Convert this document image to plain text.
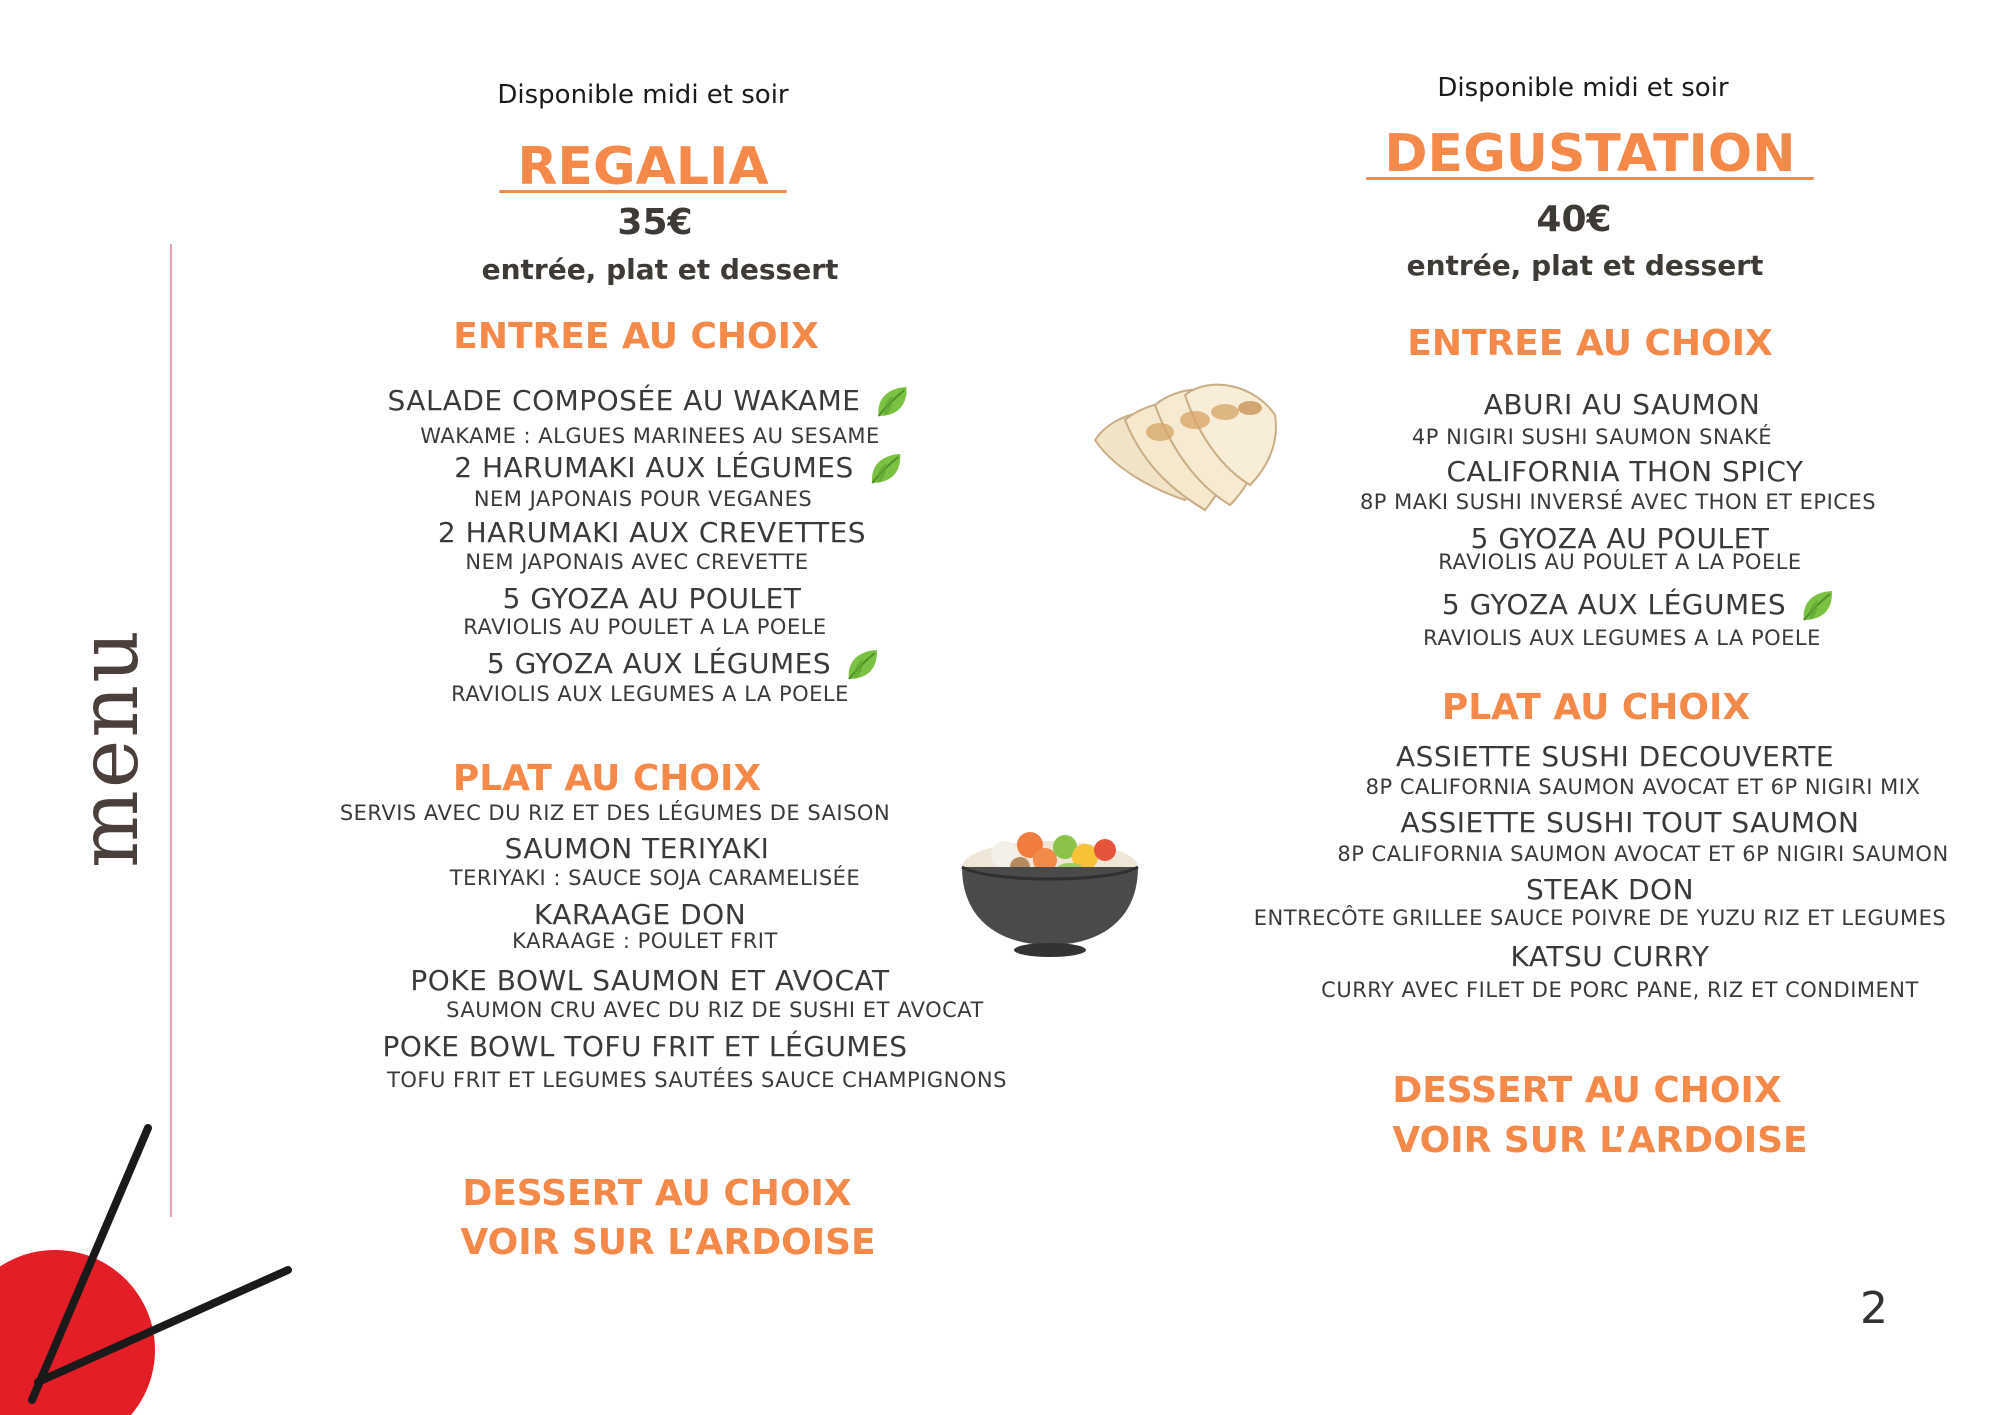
menu
Disponible midi et soir
REGALIA
35€
entrée, plat et dessert
ENTREE AU CHOIX
SALADE COMPOSÉE AU WAKAME
WAKAME : ALGUES MARINEES AU SESAME
2 HARUMAKI AUX LÉGUMES
NEM JAPONAIS POUR VEGANES
2 HARUMAKI AUX CREVETTES
NEM JAPONAIS AVEC CREVETTE
5 GYOZA AU POULET
RAVIOLIS AU POULET A LA POELE
5 GYOZA AUX LÉGUMES
RAVIOLIS AUX LEGUMES A LA POELE
PLAT AU CHOIX
SERVIS AVEC DU RIZ ET DES LÉGUMES DE SAISON
SAUMON TERIYAKI
TERIYAKI : SAUCE SOJA CARAMELISÉE
KARAAGE DON
KARAAGE : POULET FRIT
POKE BOWL SAUMON ET AVOCAT
SAUMON CRU AVEC DU RIZ DE SUSHI ET AVOCAT
POKE BOWL TOFU FRIT ET LÉGUMES
TOFU FRIT ET LEGUMES SAUTÉES SAUCE CHAMPIGNONS
DESSERT AU CHOIX
VOIR SUR L’ARDOISE
Disponible midi et soir
DEGUSTATION
40€
entrée, plat et dessert
ENTREE AU CHOIX
ABURI AU SAUMON
4P NIGIRI SUSHI SAUMON SNAKÉ
CALIFORNIA THON SPICY
8P MAKI SUSHI INVERSÉ AVEC THON ET EPICES
5 GYOZA AU POULET
RAVIOLIS AU POULET A LA POELE
5 GYOZA AUX LÉGUMES
RAVIOLIS AUX LEGUMES A LA POELE
PLAT AU CHOIX
ASSIETTE SUSHI DECOUVERTE
8P CALIFORNIA SAUMON AVOCAT ET 6P NIGIRI MIX
ASSIETTE SUSHI TOUT SAUMON
8P CALIFORNIA SAUMON AVOCAT ET 6P NIGIRI SAUMON
STEAK DON
ENTRECÔTE GRILLEE SAUCE POIVRE DE YUZU RIZ ET LEGUMES
KATSU CURRY
CURRY AVEC FILET DE PORC PANE, RIZ ET CONDIMENT
DESSERT AU CHOIX
VOIR SUR L’ARDOISE
2
